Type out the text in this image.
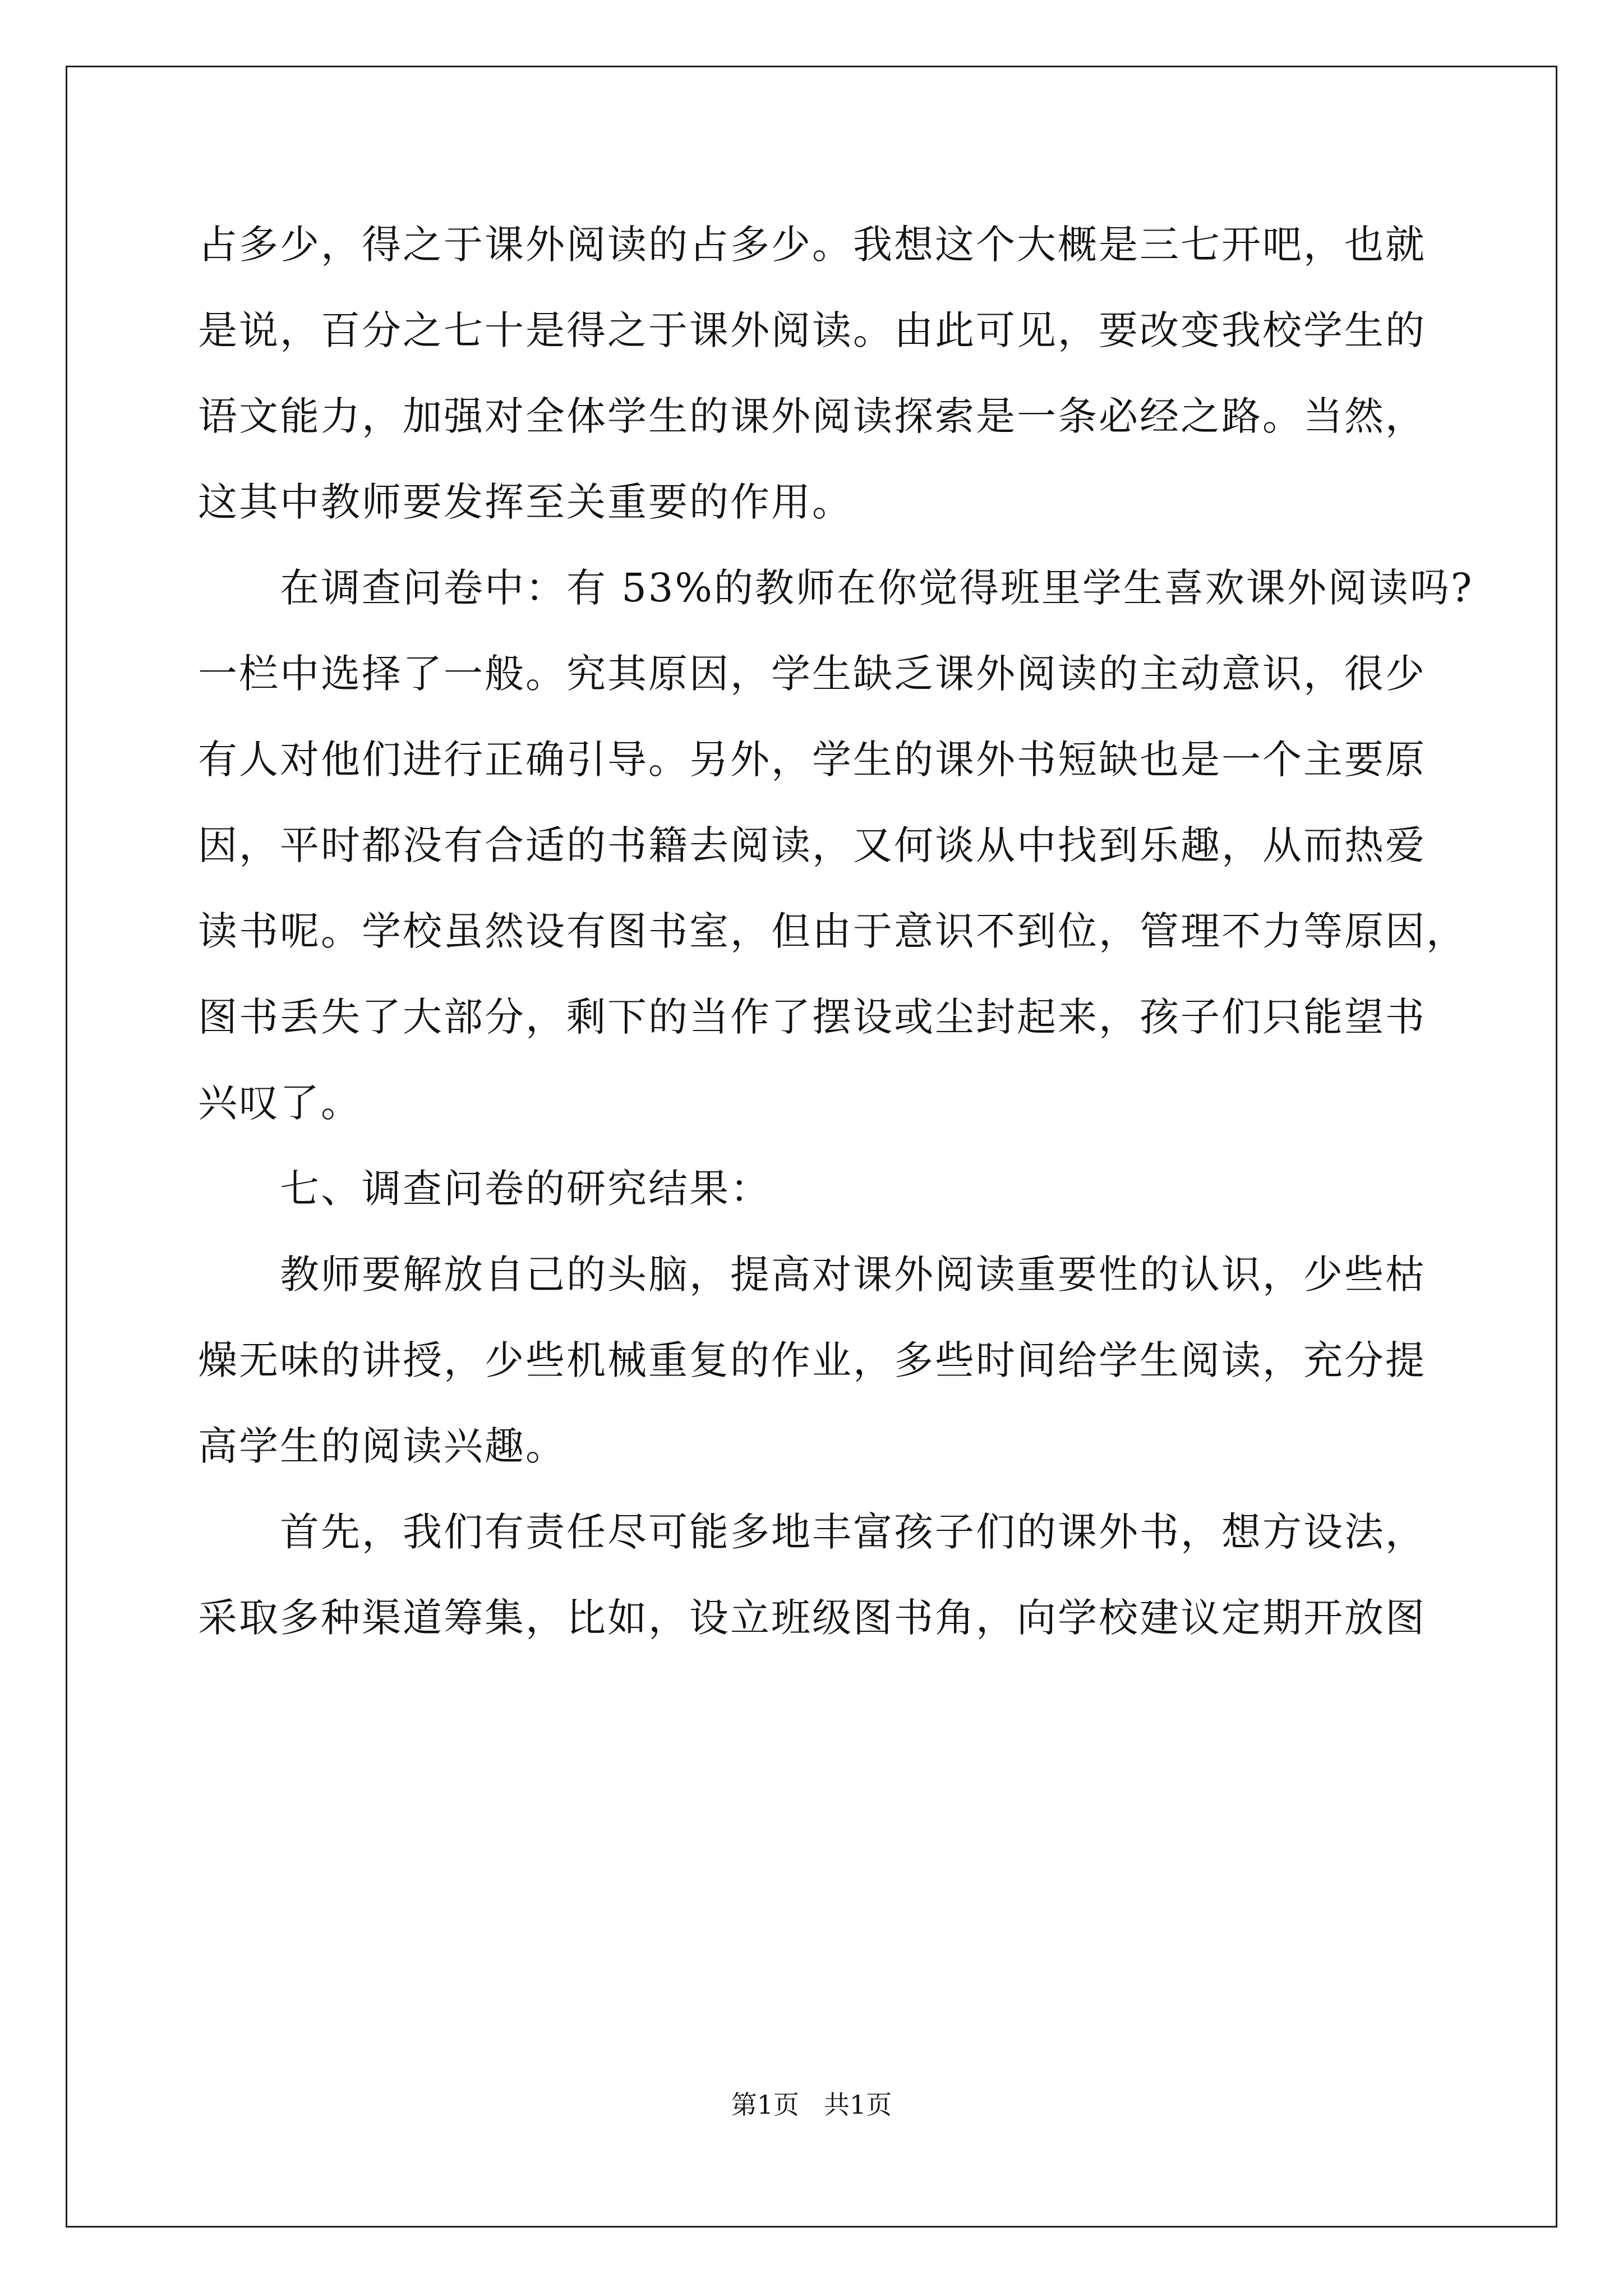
占多少，得之于课外阅读的占多少。我想这个大概是三七开吧，也就
是说，百分之七十是得之于课外阅读。由此可见，要改变我校学生的
语文能力，加强对全体学生的课外阅读探索是一条必经之路。当然，
这其中教师要发挥至关重要的作用。
在调查问卷中：有 53%的教师在你觉得班里学生喜欢课外阅读吗?
一栏中选择了一般。究其原因，学生缺乏课外阅读的主动意识，很少
有人对他们进行正确引导。另外，学生的课外书短缺也是一个主要原
因，平时都没有合适的书籍去阅读，又何谈从中找到乐趣，从而热爱
读书呢。学校虽然设有图书室，但由于意识不到位，管理不力等原因，
图书丢失了大部分，剩下的当作了摆设或尘封起来，孩子们只能望书
兴叹了。
七、调查问卷的研究结果：
教师要解放自己的头脑，提高对课外阅读重要性的认识，少些枯
燥无味的讲授，少些机械重复的作业，多些时间给学生阅读，充分提
高学生的阅读兴趣。
首先，我们有责任尽可能多地丰富孩子们的课外书，想方设法，
采取多种渠道筹集，比如，设立班级图书角，向学校建议定期开放图
第1页 共1页
